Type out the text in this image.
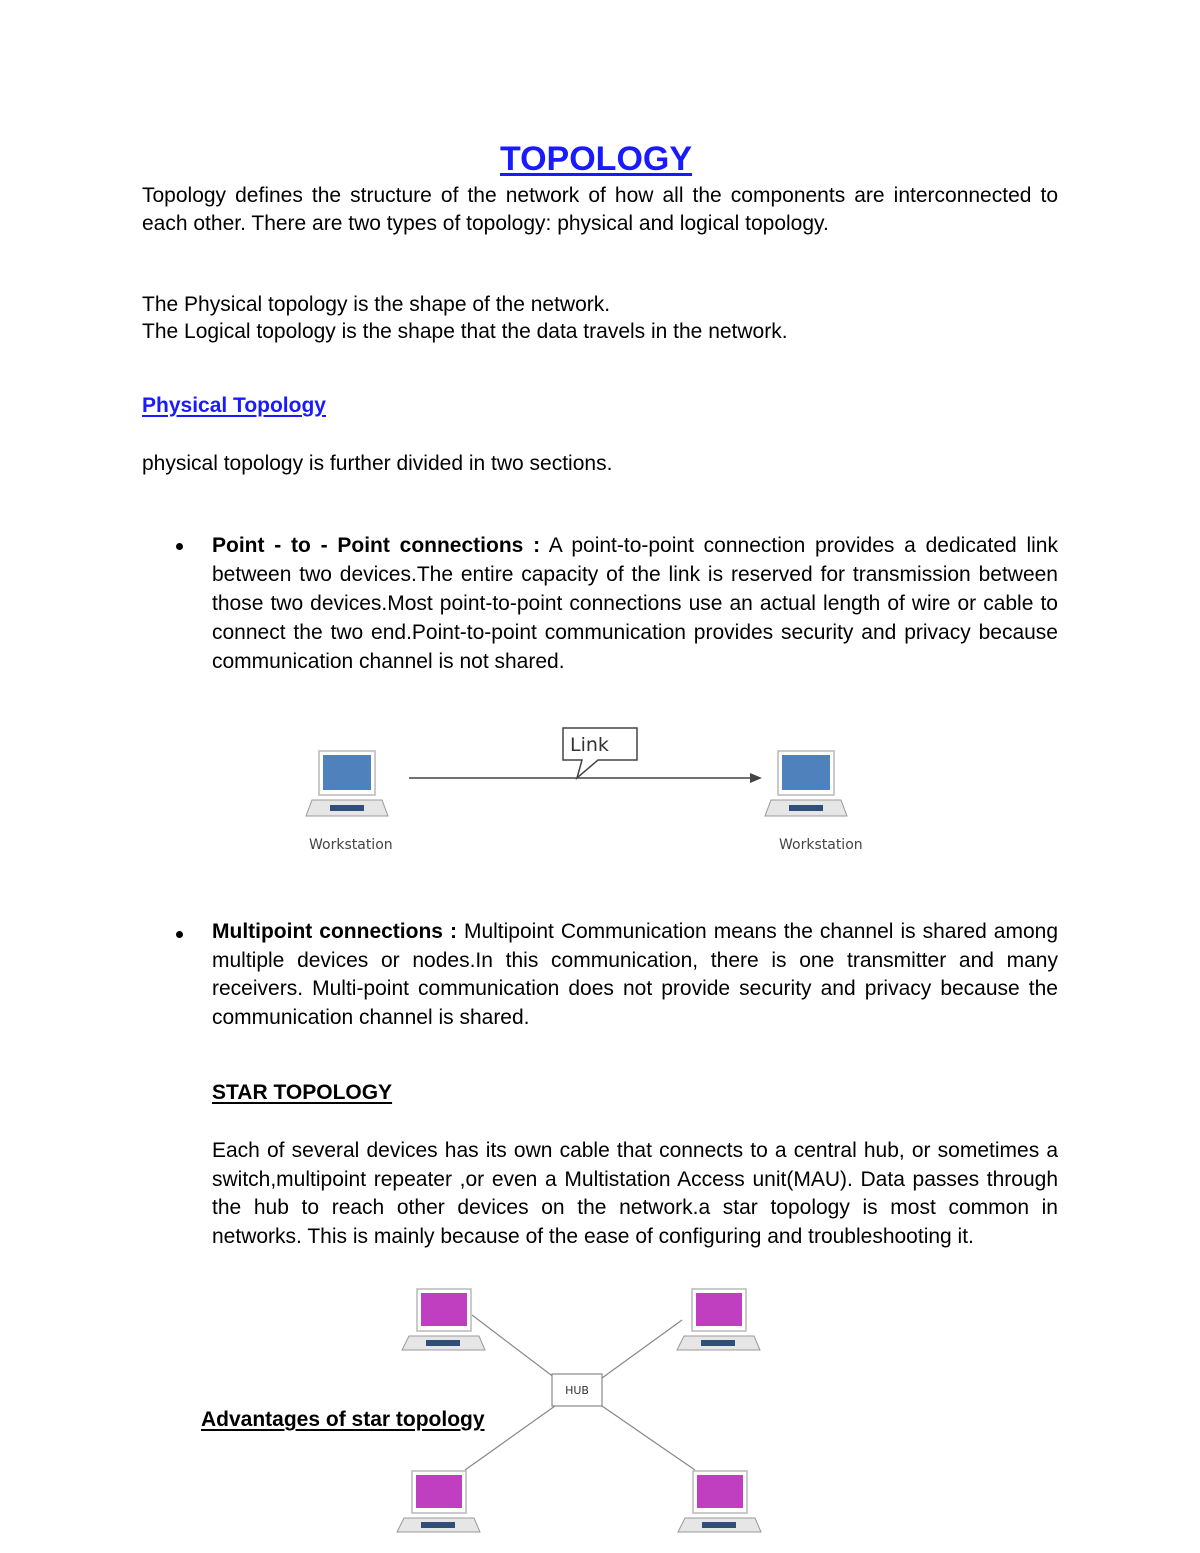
TOPOLOGY
Topology defines the structure of the network of how all the components are interconnected to each other. There are two types of topology: physical and logical topology.
The Physical topology is the shape of the network.
The Logical topology is the shape that the data travels in the network.
Physical Topology
physical topology is further divided in two sections.
Point - to - Point connections : A point-to-point connection provides a dedicated link between two devices.The entire capacity of the link is reserved for transmission between those two devices.Most point-to-point connections use an actual length of wire or cable to connect the two end.Point-to-point communication provides security and privacy because communication channel is not shared.
Link
Workstation	Workstation
Multipoint connections : Multipoint Communication means the channel is shared among multiple devices or nodes.In this communication, there is one transmitter and many receivers. Multi-point communication does not provide security and privacy because the communication channel is shared.
STAR TOPOLOGY
Each of several devices has its own cable that connects to a central hub, or sometimes a switch,multipoint repeater ,or even a Multistation Access unit(MAU). Data passes through the hub to reach other devices on the network.a star topology is most common in networks. This is mainly because of the ease of configuring and troubleshooting it.
HUB
Advantages of star topology
